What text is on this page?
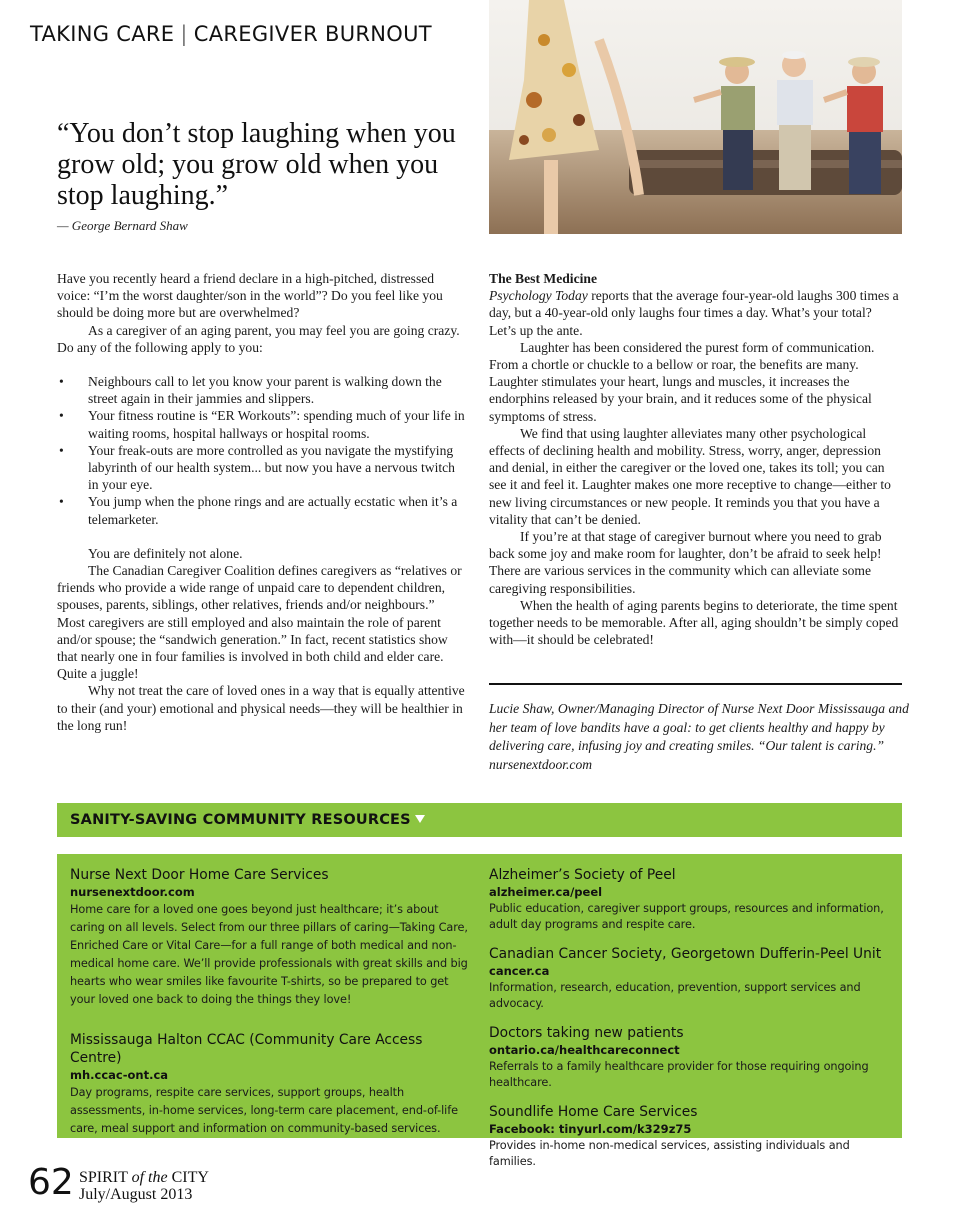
TAKING CARE | CAREGIVER BURNOUT
“You don’t stop laughing when you grow old; you grow old when you stop laughing.”
— George Bernard Shaw

Have you recently heard a friend declare in a high-pitched, distressed voice: “I’m the worst daughter/son in the world”? Do you feel like you should be doing more but are overwhelmed?

As a caregiver of an aging parent, you may feel you are going crazy. Do any of the following apply to you:

• Neighbours call to let you know your parent is walking down the street again in their jammies and slippers.
• Your fitness routine is “ER Workouts”: spending much of your life in waiting rooms, hospital hallways or hospital rooms.
• Your freak-outs are more controlled as you navigate the mystifying labyrinth of our health system... but now you have a nervous twitch in your eye.
• You jump when the phone rings and are actually ecstatic when it’s a telemarketer.

You are definitely not alone.

The Canadian Caregiver Coalition defines caregivers as “relatives or friends who provide a wide range of unpaid care to dependent children, spouses, parents, siblings, other relatives, friends and/or neighbours.” Most caregivers are still employed and also maintain the role of parent and/or spouse; the “sandwich generation.” In fact, recent statistics show that nearly one in four families is involved in both child and elder care. Quite a juggle!

Why not treat the care of loved ones in a way that is equally attentive to their (and your) emotional and physical needs—they will be healthier in the long run!

The Best Medicine

Psychology Today reports that the average four-year-old laughs 300 times a day, but a 40-year-old only laughs four times a day. What’s your total? Let’s up the ante.

Laughter has been considered the purest form of communication. From a chortle or chuckle to a bellow or roar, the benefits are many. Laughter stimulates your heart, lungs and muscles, it increases the endorphins released by your brain, and it reduces some of the physical symptoms of stress.

We find that using laughter alleviates many other psychological effects of declining health and mobility. Stress, worry, anger, depression and denial, in either the caregiver or the loved one, takes its toll; you can see it and feel it. Laughter makes one more receptive to change—either to new living circumstances or new people. It reminds you that you have a vitality that can’t be denied.

If you’re at that stage of caregiver burnout where you need to grab back some joy and make room for laughter, don’t be afraid to seek help! There are various services in the community which can alleviate some caregiving responsibilities.

When the health of aging parents begins to deteriorate, the time spent together needs to be memorable. After all, aging shouldn’t be simply coped with—it should be celebrated!

Lucie Shaw, Owner/Managing Director of Nurse Next Door Mississauga and her team of love bandits have a goal: to get clients healthy and happy by delivering care, infusing joy and creating smiles. “Our talent is caring.” nursenextdoor.com
SANITY-SAVING COMMUNITY RESOURCES
Nurse Next Door Home Care Services
nursenextdoor.com
Home care for a loved one goes beyond just healthcare; it’s about caring on all levels. Select from our three pillars of caring—Taking Care, Enriched Care or Vital Care—for a full range of both medical and non-medical home care. We’ll provide professionals with great skills and big hearts who wear smiles like favourite T-shirts, so be prepared to get your loved one back to doing the things they love!
Mississauga Halton CCAC (Community Care Access Centre)
mh.ccac-ont.ca
Day programs, respite care services, support groups, health assessments, in-home services, long-term care placement, end-of-life care, meal support and information on community-based services.
Alzheimer’s Society of Peel
alzheimer.ca/peel
Public education, caregiver support groups, resources and information, adult day programs and respite care.
Canadian Cancer Society, Georgetown Dufferin-Peel Unit
cancer.ca
Information, research, education, prevention, support services and advocacy.
Doctors taking new patients
ontario.ca/healthcareconnect
Referrals to a family healthcare provider for those requiring ongoing healthcare.
Soundlife Home Care Services
Facebook: tinyurl.com/k329z75
Provides in-home non-medical services, assisting individuals and families.
62 SPIRIT of the CITY
July/August 2013
